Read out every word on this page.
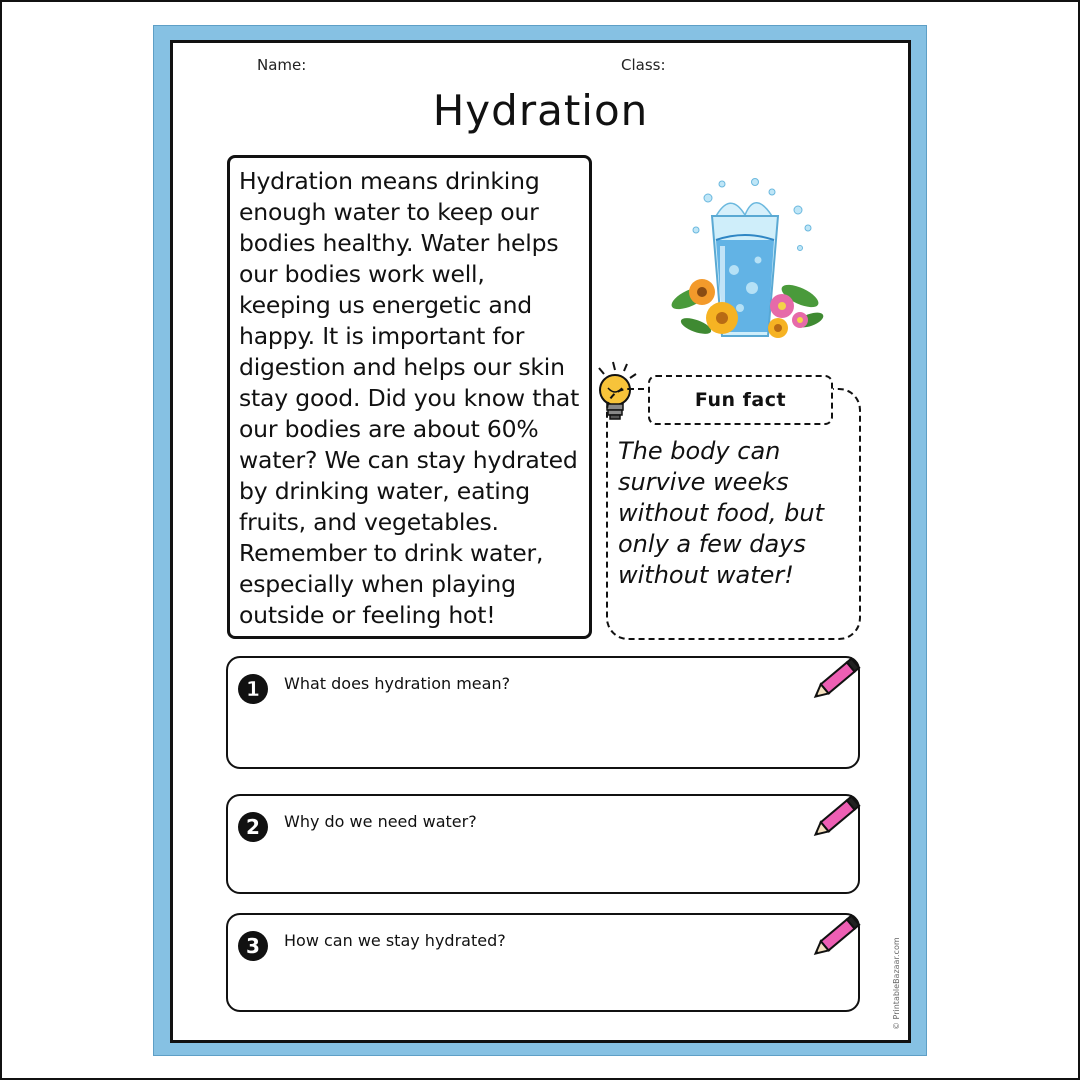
Name:	Class:
Hydration

Hydration means drinking enough water to keep our bodies healthy. Water helps our bodies work well, keeping us energetic and happy. It is important for digestion and helps our skin stay good. Did you know that our bodies are about 60% water? We can stay hydrated by drinking water, eating fruits, and vegetables. Remember to drink water, especially when playing outside or feeling hot!

Fun fact

The body can survive weeks without food, but only a few days without water!

1 What does hydration mean?
2 Why do we need water?
3 How can we stay hydrated?	© PrintableBazaar.com
